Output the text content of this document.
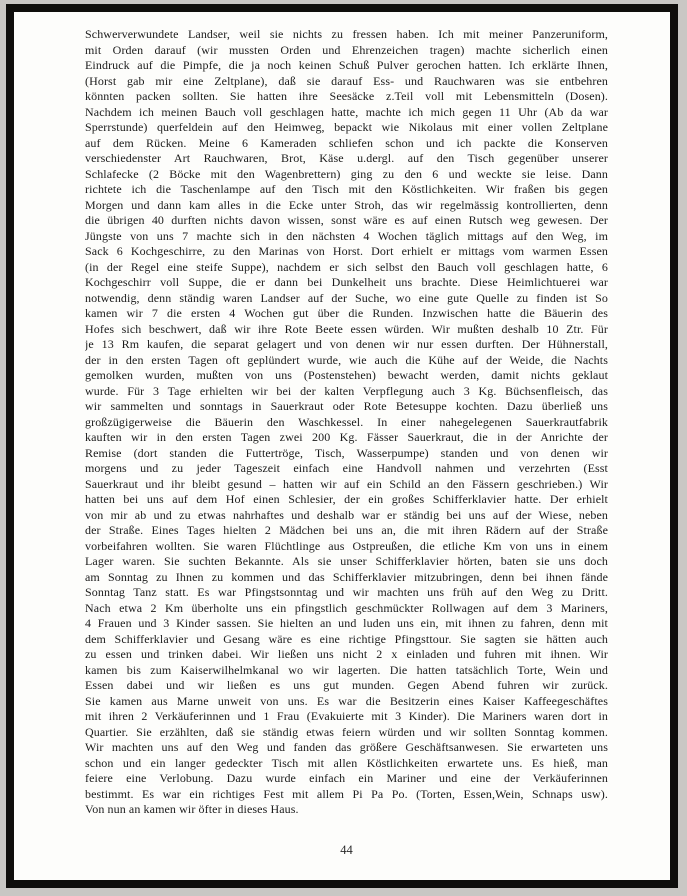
Schwerverwundete Landser, weil sie nichts zu fressen haben. Ich mit meiner Panzeruniform,
mit Orden darauf (wir mussten Orden und Ehrenzeichen tragen) machte sicherlich einen
Eindruck auf die Pimpfe, die ja noch keinen Schuß Pulver gerochen hatten. Ich erklärte Ihnen,
(Horst gab mir eine Zeltplane), daß sie darauf Ess- und Rauchwaren was sie entbehren
könnten packen sollten. Sie hatten ihre Seesäcke z.Teil voll mit Lebensmitteln (Dosen).
Nachdem ich meinen Bauch voll geschlagen hatte, machte ich mich gegen 11 Uhr (Ab da war
Sperrstunde) querfeldein auf den Heimweg, bepackt wie Nikolaus mit einer vollen Zeltplane
auf dem Rücken. Meine 6 Kameraden schliefen schon und ich packte die Konserven
verschiedenster Art Rauchwaren, Brot, Käse u.dergl. auf den Tisch gegenüber unserer
Schlafecke (2 Böcke mit den Wagenbrettern) ging zu den 6 und weckte sie leise. Dann
richtete ich die Taschenlampe auf den Tisch mit den Köstlichkeiten. Wir fraßen bis gegen
Morgen und dann kam alles in die Ecke unter Stroh, das wir regelmässig kontrollierten, denn
die übrigen 40 durften nichts davon wissen, sonst wäre es auf einen Rutsch weg gewesen. Der
Jüngste von uns 7 machte sich in den nächsten 4 Wochen täglich mittags auf den Weg, im
Sack 6 Kochgeschirre, zu den Marinas von Horst. Dort erhielt er mittags vom warmen Essen
(in der Regel eine steife Suppe), nachdem er sich selbst den Bauch voll geschlagen hatte, 6
Kochgeschirr voll Suppe, die er dann bei Dunkelheit uns brachte. Diese Heimlichtuerei war
notwendig, denn ständig waren Landser auf der Suche, wo eine gute Quelle zu finden ist So
kamen wir 7 die ersten 4 Wochen gut über die Runden. Inzwischen hatte die Bäuerin des
Hofes sich beschwert, daß wir ihre Rote Beete essen würden. Wir mußten deshalb 10 Ztr. Für
je 13 Rm kaufen, die separat gelagert und von denen wir nur essen durften. Der Hühnerstall,
der in den ersten Tagen oft geplündert wurde, wie auch die Kühe auf der Weide, die Nachts
gemolken wurden, mußten von uns (Postenstehen) bewacht werden, damit nichts geklaut
wurde. Für 3 Tage erhielten wir bei der kalten Verpflegung auch 3 Kg. Büchsenfleisch, das
wir sammelten und sonntags in Sauerkraut oder Rote Betesuppe kochten. Dazu überließ uns
großzügigerweise die Bäuerin den Waschkessel. In einer nahegelegenen Sauerkrautfabrik
kauften wir in den ersten Tagen zwei 200 Kg. Fässer Sauerkraut, die in der Anrichte der
Remise (dort standen die Futtertröge, Tisch, Wasserpumpe) standen und von denen wir
morgens und zu jeder Tageszeit einfach eine Handvoll nahmen und verzehrten (Esst
Sauerkraut und ihr bleibt gesund – hatten wir auf ein Schild an den Fässern geschrieben.) Wir
hatten bei uns auf dem Hof einen Schlesier, der ein großes Schifferklavier hatte. Der erhielt
von mir ab und zu etwas nahrhaftes und deshalb war er ständig bei uns auf der Wiese, neben
der Straße. Eines Tages hielten 2 Mädchen bei uns an, die mit ihren Rädern auf der Straße
vorbeifahren wollten. Sie waren Flüchtlinge aus Ostpreußen, die etliche Km von uns in einem
Lager waren. Sie suchten Bekannte. Als sie unser Schifferklavier hörten, baten sie uns doch
am Sonntag zu Ihnen zu kommen und das Schifferklavier mitzubringen, denn bei ihnen fände
Sonntag Tanz statt. Es war Pfingstsonntag und wir machten uns früh auf den Weg zu Dritt.
Nach etwa 2 Km überholte uns ein pfingstlich geschmückter Rollwagen auf dem 3 Mariners,
4 Frauen und 3 Kinder sassen. Sie hielten an und luden uns ein, mit ihnen zu fahren, denn mit
dem Schifferklavier und Gesang wäre es eine richtige Pfingsttour. Sie sagten sie hätten auch
zu essen und trinken dabei. Wir ließen uns nicht 2 x einladen und fuhren mit ihnen. Wir
kamen bis zum Kaiserwilhelmkanal wo wir lagerten. Die hatten tatsächlich Torte, Wein und
Essen dabei und wir ließen es uns gut munden. Gegen Abend fuhren wir zurück.
Sie kamen aus Marne unweit von uns. Es war die Besitzerin eines Kaiser Kaffeegeschäftes
mit ihren 2 Verkäuferinnen und 1 Frau (Evakuierte mit 3 Kinder). Die Mariners waren dort in
Quartier. Sie erzählten, daß sie ständig etwas feiern würden und wir sollten Sonntag kommen.
Wir machten uns auf den Weg und fanden das größere Geschäftsanwesen. Sie erwarteten uns
schon und ein langer gedeckter Tisch mit allen Köstlichkeiten erwartete uns. Es hieß, man
feiere eine Verlobung. Dazu wurde einfach ein Mariner und eine der Verkäuferinnen
bestimmt. Es war ein richtiges Fest mit allem Pi Pa Po. (Torten, Essen,Wein, Schnaps usw).
Von nun an kamen wir öfter in dieses Haus.
44
